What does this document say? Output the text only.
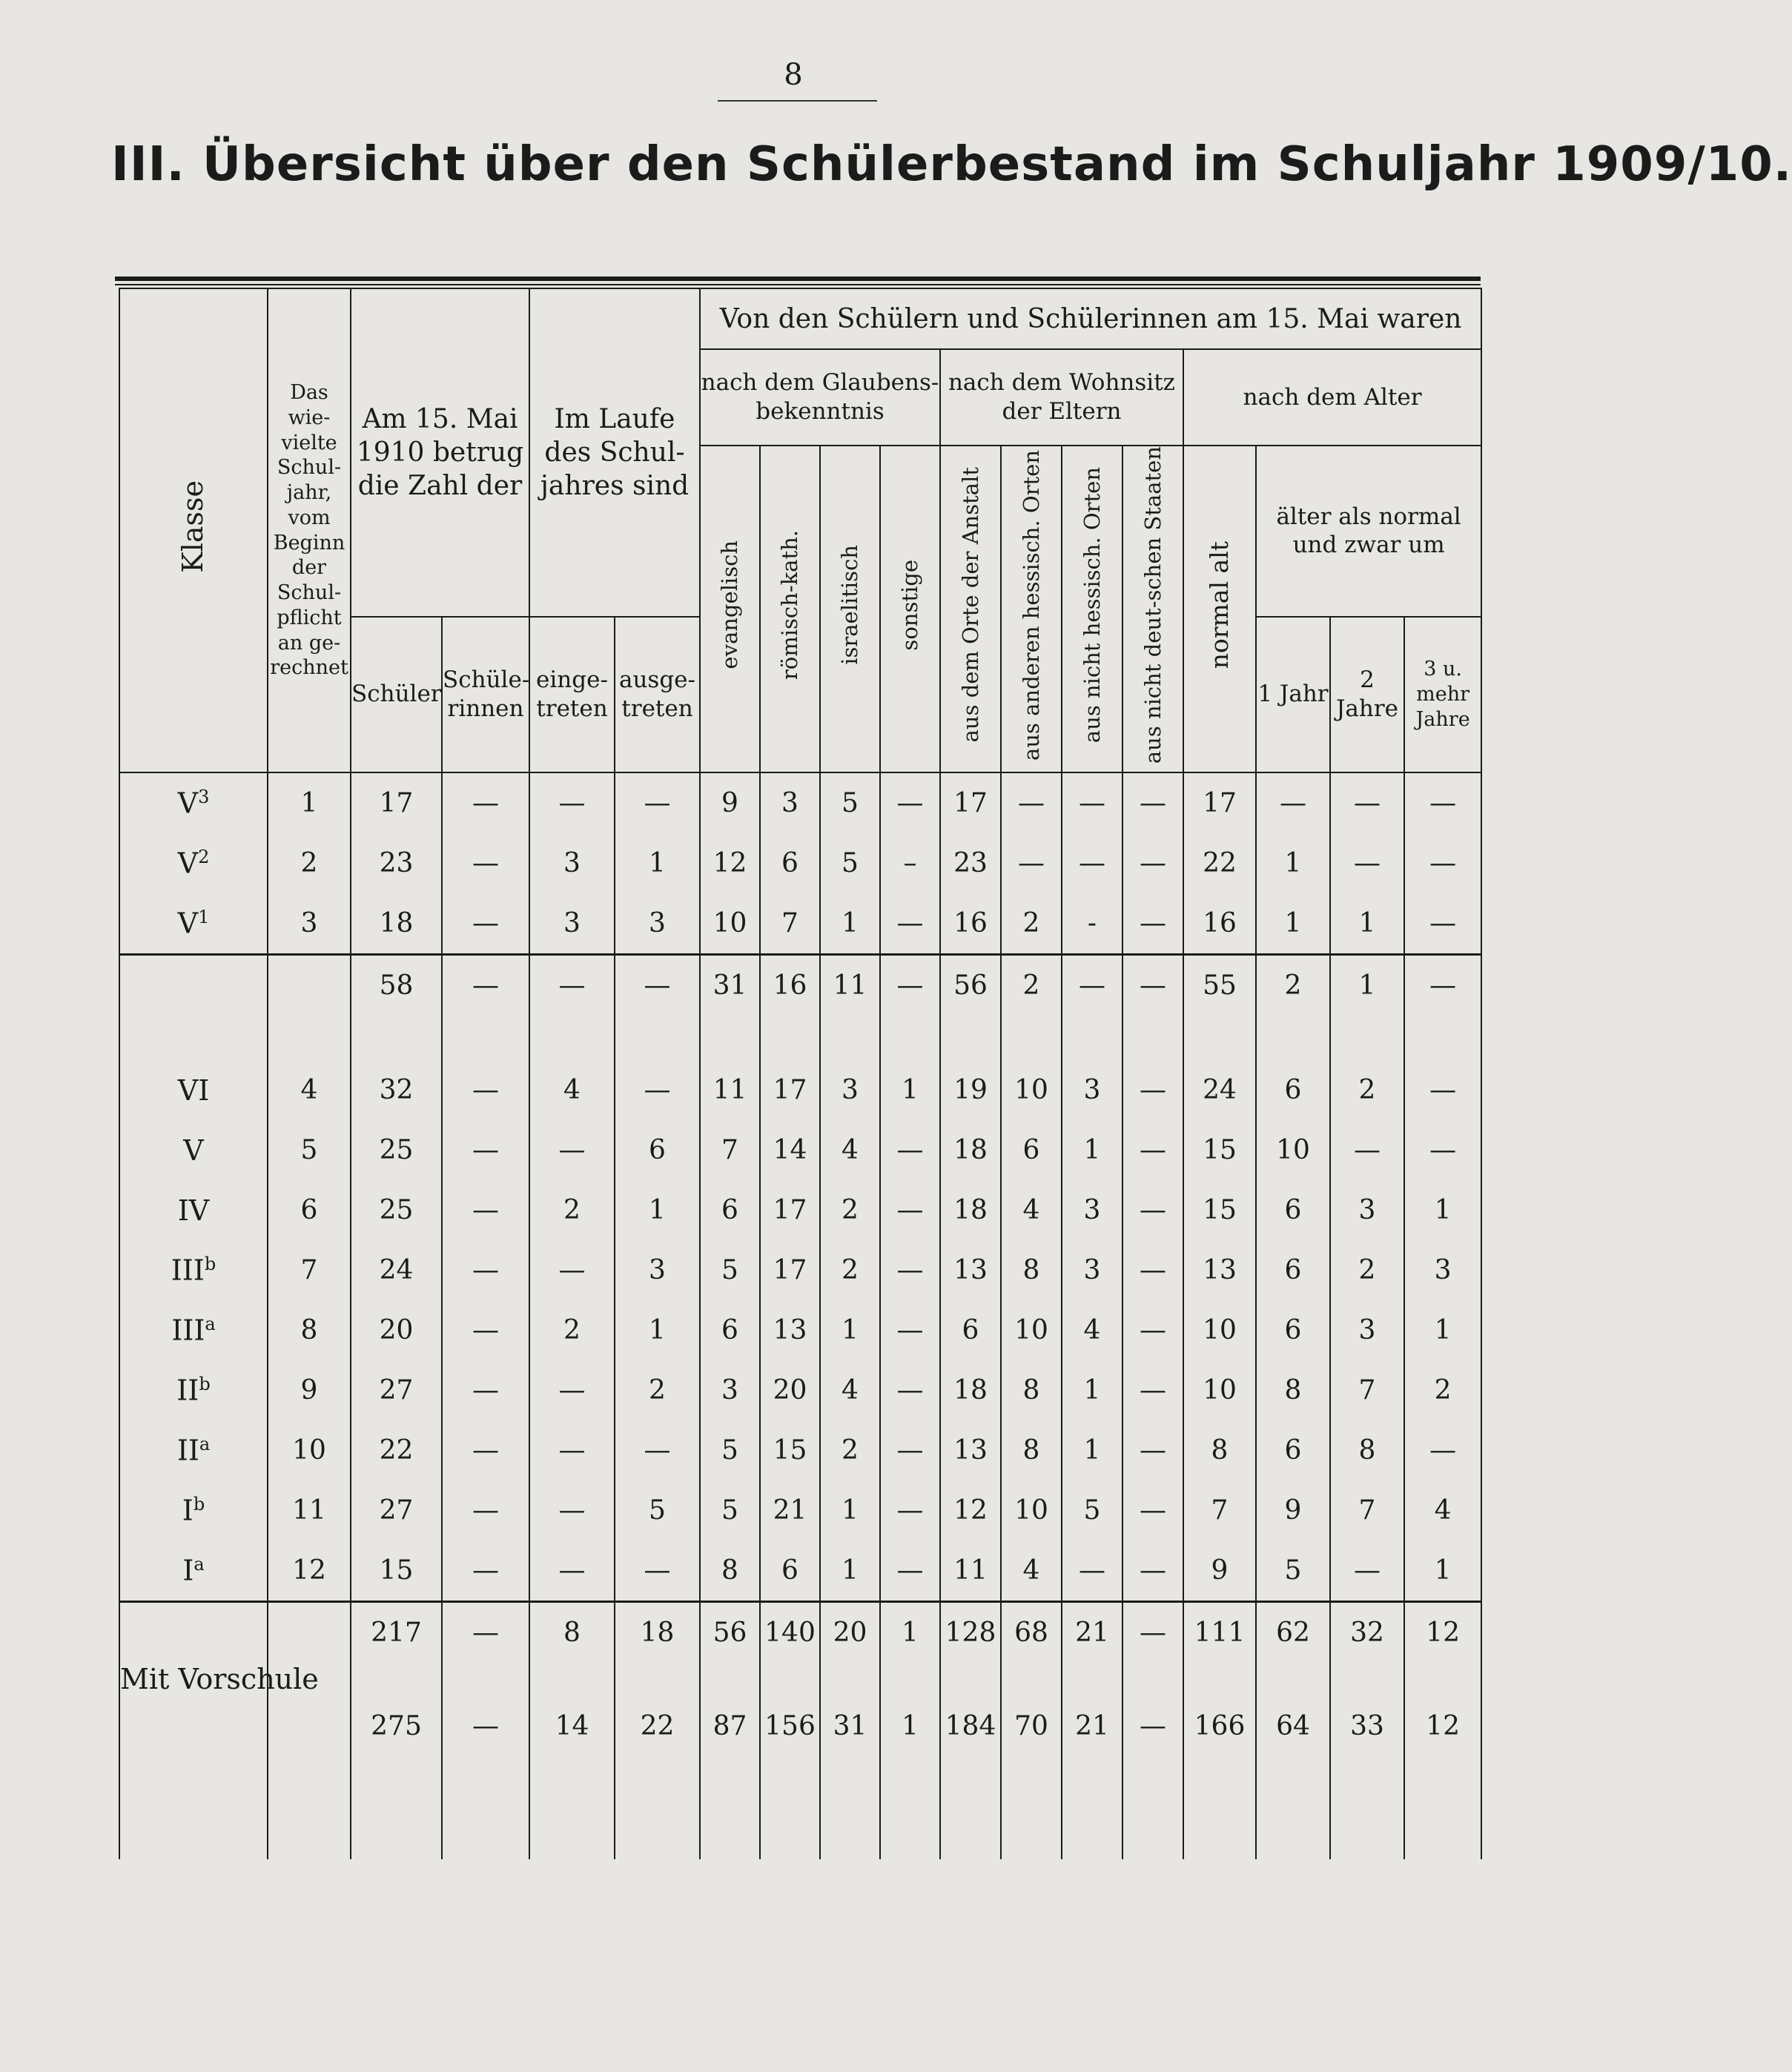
8
III. Übersicht über den Schülerbestand im Schuljahr 1909/10.
Klasse	Das wie-vielte Schul-jahr, vom Beginn der Schul-pflicht an ge-rechnet	Am 15. Mai 1910 betrug die Zahl der		Im Laufe des Schul-jahres sind		Von den Schülern und Schülerinnen am 15. Mai waren											
						nach dem Glaubens-bekenntnis				nach dem Wohnsitz der Eltern				nach dem Alter			
						evangelisch	römisch-kath.	israelitisch	sonstige	aus dem Orte der Anstalt	aus anderen hessisch. Orten	aus nicht hessisch. Orten	aus nicht deut-schen Staaten	normal alt	älter als normal und zwar um		
		Schüler	Schüle-rinnen	einge-treten	ausge-treten										1 Jahr	2 Jahre	3 u. mehr Jahre
$V^3$	1	17	—	—	—	9	3	5	—	17	—	—	—	17	—	—	—
$V^2$	2	23	—	3	1	12	6	5	–	23	—	—	—	22	1	—	—
$V^1$	3	18	—	3	3	10	7	1	—	16	2	-	—	16	1	1	—
		58	—	—	—	31	16	11	—	56	2	—	—	55	2	1	—

VI	4	32	—	4	—	11	17	3	1	19	10	3	—	24	6	2	—
V	5	25	—	—	6	7	14	4	—	18	6	1	—	15	10	—	—
IV	6	25	—	2	1	6	17	2	—	18	4	3	—	15	6	3	1
III$^b$	7	24	—	—	3	5	17	2	—	13	8	3	—	13	6	2	3
III$^a$	8	20	—	2	1	6	13	1	—	6	10	4	—	10	6	3	1
$II^b$	9	27	—	—	2	3	20	4	—	18	8	1	—	10	8	7	2
$II^a$	10	22	—	—	—	5	15	2	—	13	8	1	—	8	6	8	—
$I^b$	11	27	—	—	5	5	21	1	—	12	10	5	—	7	9	7	4
$I^a$	12	15	—	—	—	8	6	1	—	11	4	—	—	9	5	—	1
		217	—	8	18	56	140	20	1	128	68	21	—	111	62	32	12
Mit Vorschule		275	—	14	22	87	156	31	1	184	70	21	—	166	64	33	12
